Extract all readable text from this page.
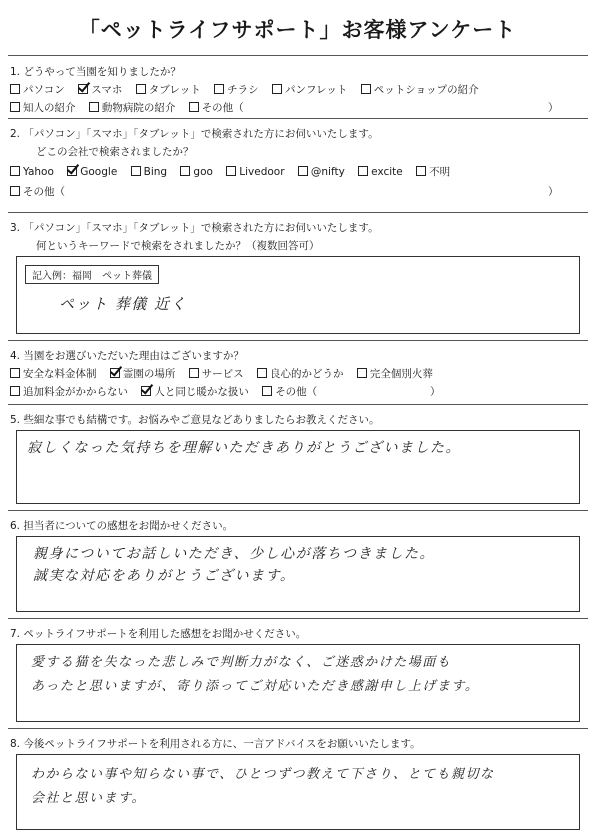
「ペットライフサポート」お客様アンケート
1. どうやって当園を知りましたか？
パソコン	スマホ	タブレット	チラシ	パンフレット	ペットショップの紹介
知人の紹介	動物病院の紹介	その他（	）
2. 「パソコン」「スマホ」「タブレット」で検索された方にお伺いいたします。
どこの会社で検索されましたか？
Yahoo	Google	Bing	goo	Livedoor	@nifty	excite	不明
その他（	）
3. 「パソコン」「スマホ」「タブレット」で検索された方にお伺いいたします。
何というキーワードで検索をされましたか？（複数回答可）
記入例：福岡　ペット葬儀
ペット 葬儀 近く
4. 当園をお選びいただいた理由はございますか？
安全な料金体制	霊園の場所	サービス	良心的かどうか	完全個別火葬
追加料金がかからない	人と同じ暖かな扱い	その他（	）
5. 些細な事でも結構です。お悩みやご意見などありましたらお教えください。
寂しくなった気持ちを理解いただきありがとうございました。
6. 担当者についての感想をお聞かせください。
親身についてお話しいただき、少し心が落ちつきました。
誠実な対応をありがとうございます。
7. ペットライフサポートを利用した感想をお聞かせください。
愛する猫を失なった悲しみで判断力がなく、ご迷惑かけた場面も
あったと思いますが、寄り添ってご対応いただき感謝申し上げます。
8. 今後ペットライフサポートを利用される方に、一言アドバイスをお願いいたします。
わからない事や知らない事で、ひとつずつ教えて下さり、とても親切な
会社と思います。
